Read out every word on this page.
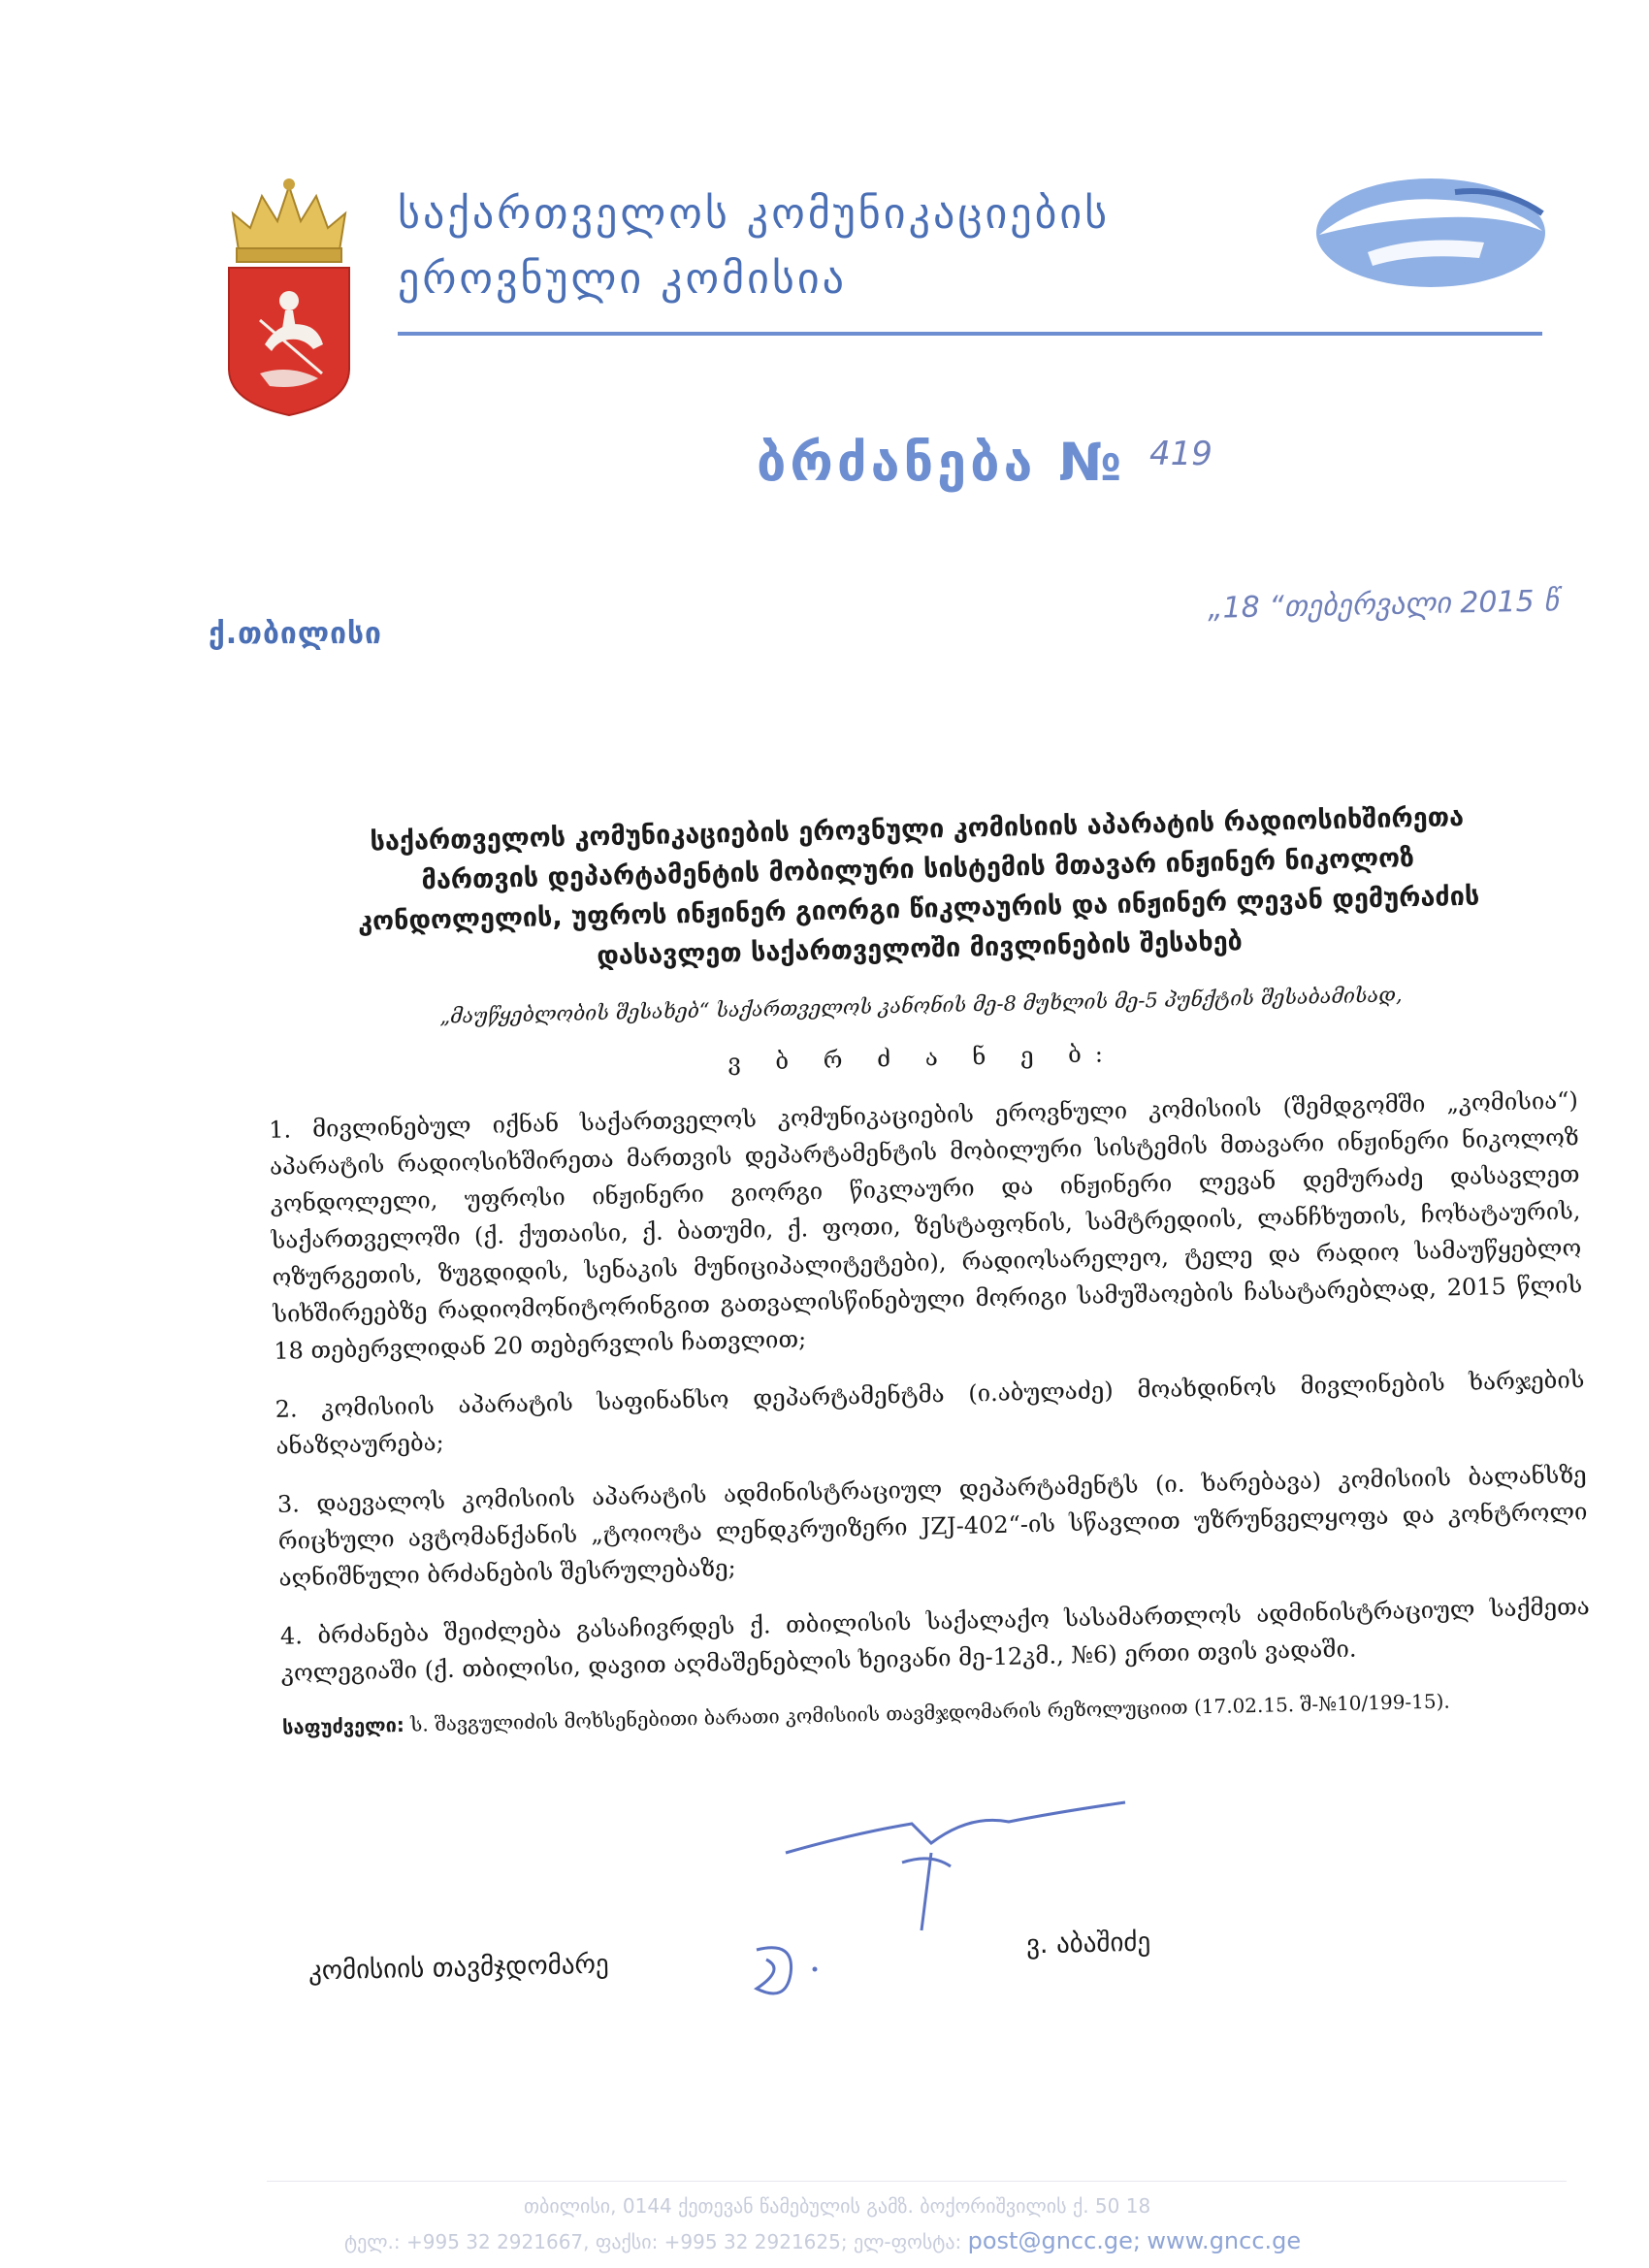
საქართველოს კომუნიკაციების
ეროვნული კომისია
ბრძანება № 419
ქ.თბილისი
„18 “თებერვალი 2015 წ
საქართველოს კომუნიკაციების ეროვნული კომისიის აპარატის რადიოსიხშირეთა
მართვის დეპარტამენტის მობილური სისტემის მთავარ ინჟინერ ნიკოლოზ
კონდოლელის, უფროს ინჟინერ გიორგი წიკლაურის და ინჟინერ ლევან დემურაძის
დასავლეთ საქართველოში მივლინების შესახებ
„მაუწყებლობის შესახებ“ საქართველოს კანონის მე-8 მუხლის მე-5 პუნქტის შესაბამისად,
ვ ბ რ ძ ა ნ ე ბ:

1. მივლინებულ იქნან საქართველოს კომუნიკაციების ეროვნული კომისიის (შემდგომში „კომისია“) აპარატის რადიოსიხშირეთა მართვის დეპარტამენტის მობილური სისტემის მთავარი ინჟინერი ნიკოლოზ კონდოლელი, უფროსი ინჟინერი გიორგი წიკლაური და ინჟინერი ლევან დემურაძე დასავლეთ საქართველოში (ქ. ქუთაისი, ქ. ბათუმი, ქ. ფოთი, ზესტაფონის, სამტრედიის, ლანჩხუთის, ჩოხატაურის, ოზურგეთის, ზუგდიდის, სენაკის მუნიციპალიტეტები), რადიოსარელეო, ტელე და რადიო სამაუწყებლო სიხშირეებზე რადიომონიტორინგით გათვალისწინებული მორიგი სამუშაოების ჩასატარებლად, 2015 წლის 18 თებერვლიდან 20 თებერვლის ჩათვლით;

2. კომისიის აპარატის საფინანსო დეპარტამენტმა (ი.აბულაძე) მოახდინოს მივლინების ხარჯების ანაზღაურება;

3. დაევალოს კომისიის აპარატის ადმინისტრაციულ დეპარტამენტს (ი. ხარებავა) კომისიის ბალანსზე რიცხული ავტომანქანის „ტოიოტა ლენდკრუიზერი JZJ-402“-ის სწავლით უზრუნველყოფა და კონტროლი აღნიშნული ბრძანების შესრულებაზე;

4. ბრძანება შეიძლება გასაჩივრდეს ქ. თბილისის საქალაქო სასამართლოს ადმინისტრაციულ საქმეთა კოლეგიაში (ქ. თბილისი, დავით აღმაშენებლის ხეივანი მე-12კმ., №6) ერთი თვის ვადაში.

საფუძველი: ს. შავგულიძის მოხსენებითი ბარათი კომისიის თავმჯდომარის რეზოლუციით (17.02.15. შ-№10/199-15).
კომისიის თავმჯდომარე
ვ. აბაშიძე
თბილისი, 0144 ქეთევან წამებულის გამზ. ბოქორიშვილის ქ. 50 18
ტელ.: +995 32 2921667, ფაქსი: +995 32 2921625; ელ-ფოსტა: post@gncc.ge; www.gncc.ge
